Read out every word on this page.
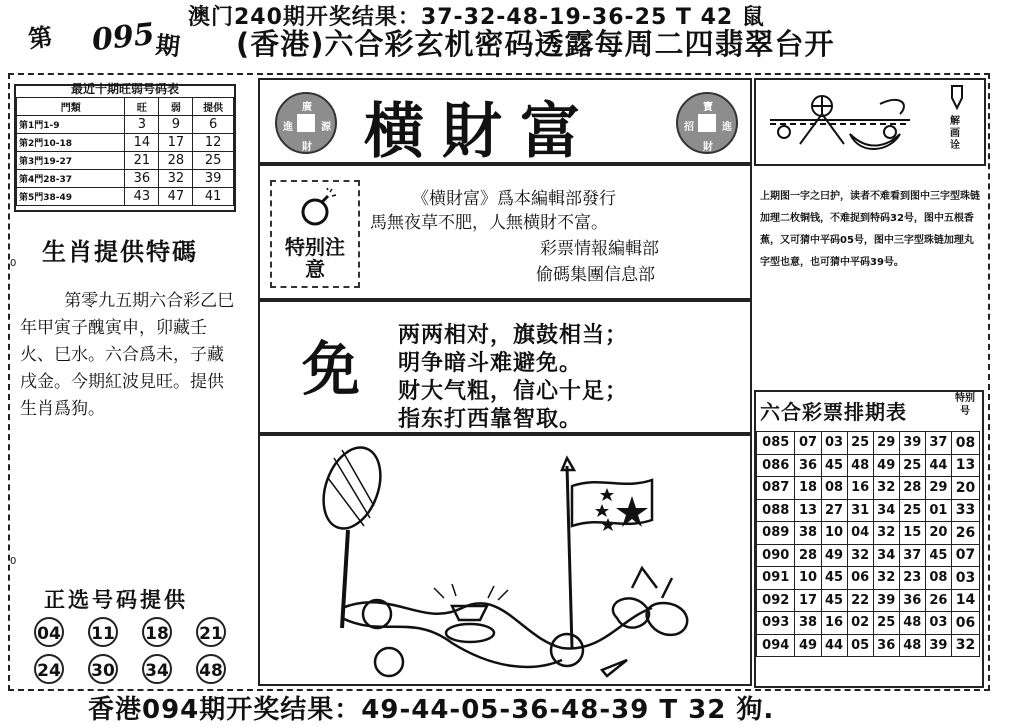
澳门240期开奖结果：37-32-48-19-36-25 T 42 鼠
第 095
期 (香港)六合彩玄机密码透露每周二四翡翠台开
最近十期旺弱号码表
門類	旺	弱	提供
第1門1-9	3	9	6
第2門10-18	14	17	12
第3門19-27	21	28	25
第4門28-37	36	32	39
第5門38-49	43	47	41
生肖提供特碼
第零九五期六合彩乙巳年甲寅子醜寅申，卯藏壬火、巳水。六合爲未，子藏戌金。今期紅波見旺。提供生肖爲狗。
0
0
正选号码提供
04 11 18 21
24 30 34 48
廣
源
財
進 横財富	寶
進
財
招
特别注意
《横財富》爲本編輯部發行
馬無夜草不肥，人無横財不富。
彩票情報編輯部
偷碼集團信息部
免 两两相对，旗鼓相当；
明争暗斗难避免。
财大气粗，信心十足；
指东打西靠智取。
解画诠
上期图一字之曰护，读者不难看到图中三字型珠链加理二枚铜钱，不难捉到特码32号，图中五根香蕉，又可猜中平码05号，图中三字型珠链加理丸字型也意，也可猜中平码39号。
六合彩票排期表
特别号
085	07	03	25	29	39	37	08
086	36	45	48	49	25	44	13
087	18	08	16	32	28	29	20
088	13	27	31	34	25	01	33
089	38	10	04	32	15	20	26
090	28	49	32	34	37	45	07
091	10	45	06	32	23	08	03
092	17	45	22	39	36	26	14
093	38	16	02	25	48	03	06
094	49	44	05	36	48	39	32
香港094期开奖结果：49-44-05-36-48-39 T 32 狗.
